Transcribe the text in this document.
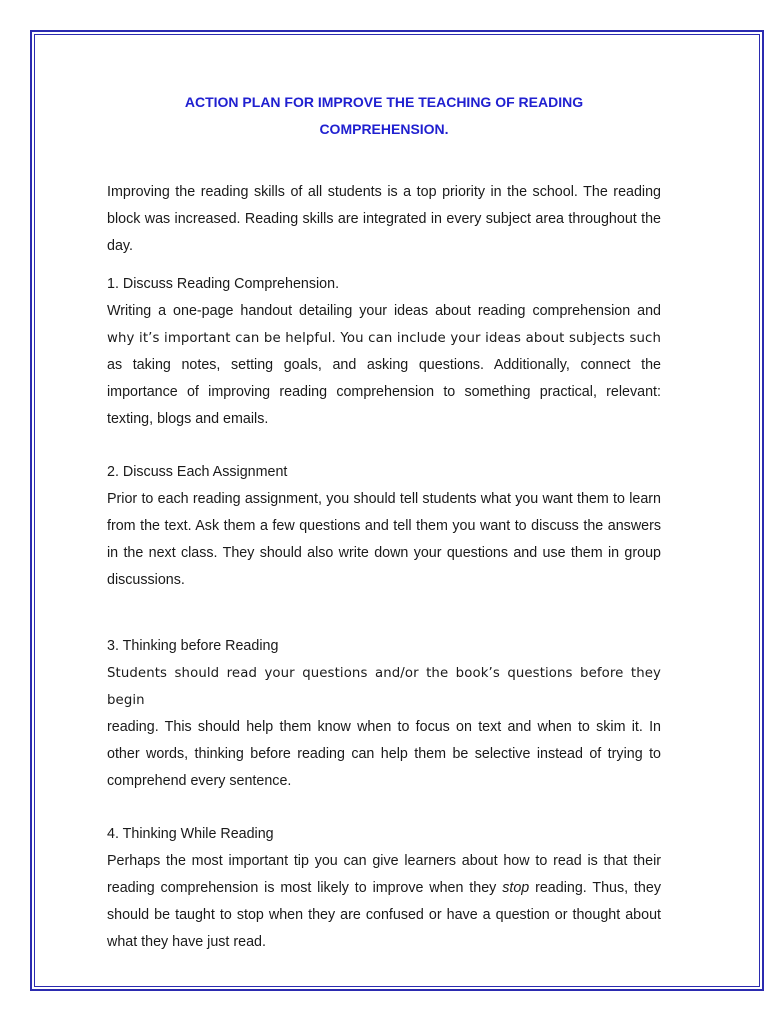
ACTION PLAN FOR IMPROVE THE TEACHING OF READING
COMPREHENSION.

Improving the reading skills of all students is a top priority in the school. The reading block was increased. Reading skills are integrated in every subject area throughout the day.

1. Discuss Reading Comprehension.

Writing a one-page handout detailing your ideas about reading comprehension and
why it’s important can be helpful. You can include your ideas about subjects such
as taking notes, setting goals, and asking questions. Additionally, connect the importance of improving reading comprehension to something practical, relevant: texting, blogs and emails.

2. Discuss Each Assignment

Prior to each reading assignment, you should tell students what you want them to learn from the text. Ask them a few questions and tell them you want to discuss the answers in the next class. They should also write down your questions and use them in group discussions.

3. Thinking before Reading

Students should read your questions and/or the book’s questions before they begin
reading. This should help them know when to focus on text and when to skim it. In other words, thinking before reading can help them be selective instead of trying to comprehend every sentence.

4. Thinking While Reading

Perhaps the most important tip you can give learners about how to read is that their reading comprehension is most likely to improve when they stop reading. Thus, they should be taught to stop when they are confused or have a question or thought about what they have just read.
